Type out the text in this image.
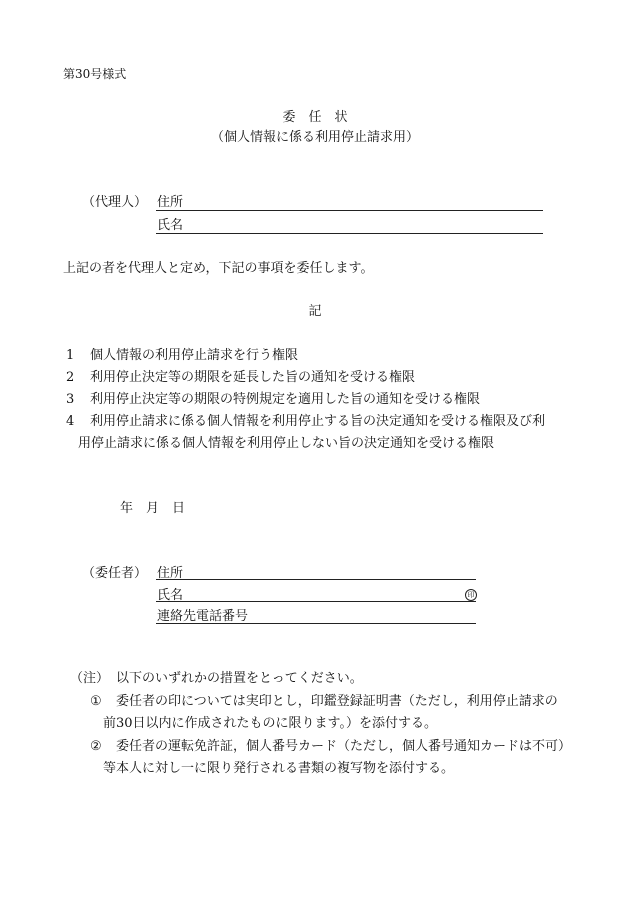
第30号様式
委　任　状
（個人情報に係る利用停止請求用）
（代理人） 住所
氏名
上記の者を代理人と定め，下記の事項を委任します。
記
1 個人情報の利用停止請求を行う権限
2 利用停止決定等の期限を延長した旨の通知を受ける権限
3 利用停止決定等の期限の特例規定を適用した旨の通知を受ける権限
4 利用停止請求に係る個人情報を利用停止する旨の決定通知を受ける権限及び利
用停止請求に係る個人情報を利用停止しない旨の決定通知を受ける権限
年 月 日
（委任者） 住所
氏名	印
連絡先電話番号
（注） 以下のいずれかの措置をとってください。
① 委任者の印については実印とし，印鑑登録証明書（ただし，利用停止請求の
前30日以内に作成されたものに限ります。）を添付する。
② 委任者の運転免許証，個人番号カード（ただし，個人番号通知カードは不可）
等本人に対し一に限り発行される書類の複写物を添付する。
